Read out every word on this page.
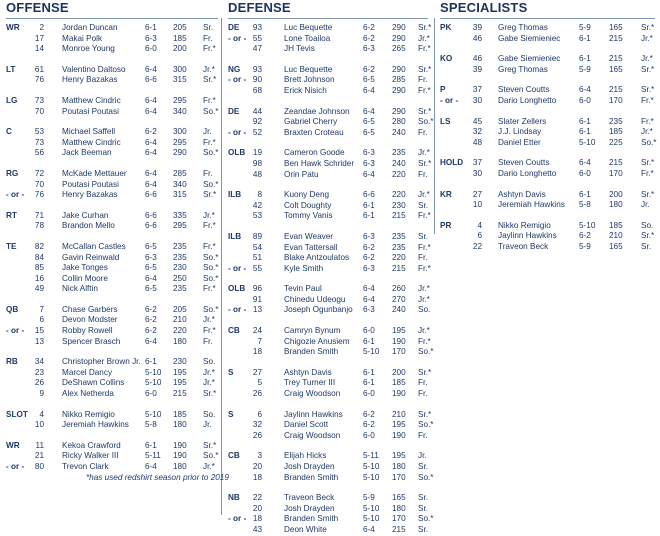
OFFENSE
WR	2 Jordan Duncan	6-1 205 Sr.
17 Makai Polk	6-3 185 Fr.
14 Monroe Young	6-0 200 Fr.*
LT	61 Valentino Daltoso 6-4 300 Jr.*
76 Henry Bazakas	6-6 315 Sr.*
LG	73 Matthew Cindric	6-4 295 Fr.*
70 Poutasi Poutasi	6-4 340 So.*
C	53 Michael Saffell	6-2 300 Jr.
73 Matthew Cindric	6-4 295 Fr.*
56 Jack Beeman	6-4 290 So.*
RG	72 McKade Mettauer 6-4 285 Fr.
70 Poutasi Poutasi	6-4 340 So.*
- or -	76 Henry Bazakas	6-6 315 Sr.*
RT	71 Jake Curhan	6-6 335 Jr.*
78 Brandon Mello	6-6 295 Fr.*
TE	82 McCallan Castles 6-5 235 Fr.*
84 Gavin Reinwald	6-3 235 So.*
85 Jake Tonges	6-5 230 So.*
16 Collin Moore	6-4 250 So.*
49 Nick Alftin	6-5 235 Fr.*
QB	7 Chase Garbers	6-2 205 So.*
6 Devon Modster	6-2 210 Jr.*
- or -	15 Robby Rowell	6-2 220 Fr.*
13 Spencer Brasch	6-4 180 Fr.
RB	34 Christopher Brown Jr. 6-1 230 So.
23 Marcel Dancy	5-10 195 Jr.*
26 DeShawn Collins	5-10 195 Jr.*
9 Alex Netherda	6-0 215 Sr.*
SLOT	4 Nikko Remigio	5-10 185 So.
10 Jeremiah Hawkins 5-8 180 Jr.
WR	11 Kekoa Crawford	6-1 190 Sr.*
21 Ricky Walker III	5-11 190 So.*
- or -	80 Trevon Clark	6-4 180 Jr.*
*has used redshirt season prior to 2019
DEFENSE
DE	93	Luc Bequette	6-2 290 Sr.*
- or - 55	Lone Toailoa	6-2 290 Jr.*
47	JH Tevis	6-3 265 Fr.*
NG	93	Luc Bequette	6-2 290 Sr.*
- or - 90	Brett Johnson	6-5 285 Fr.
68	Erick Nisich	6-4 290 Fr.*
DE	44	Zeandae Johnson 6-4 290 Sr.*
92	Gabriel Cherry	6-5 280 So.*
- or - 52	Braxten Croteau 6-5 240 Fr.
OLB 19	Cameron Goode 6-3 235 Jr.*
98	Ben Hawk Schrider 6-3 240 Sr.*
48	Orin Patu	6-4 220 Fr.
ILB	8	Kuony Deng	6-6 220 Jr.*
42	Colt Doughty	6-1 230 Sr.
53	Tommy Vanis	6-1 215 Fr.*
ILB	89	Evan Weaver	6-3 235 Sr.
54	Evan Tattersall	6-2 235 Fr.*
51	Blake Antzoulatos 6-2 220 Fr.
- or - 55	Kyle Smith	6-3 215 Fr.*
OLB 96	Tevin Paul	6-4 260 Jr.*
91	Chinedu Udeogu 6-4 270 Jr.*
- or - 13	Joseph Ogunbanjo 6-3 240 So.
CB	24	Camryn Bynum	6-0 195 Jr.*
7	Chigozie Anusiem 6-1 190 Fr.*
18	Branden Smith	5-10 170 So.*
S	27	Ashtyn Davis	6-1 200 Sr.*
5	Trey Turner III	6-1 185 Fr.
26	Craig Woodson	6-0 190 Fr.
S	6	Jaylinn Hawkins 6-2 210 Sr.*
32	Daniel Scott	6-2 195 So.*
26	Craig Woodson	6-0 190 Fr.
CB	3	Elijah Hicks	5-11 195 Jr.
20	Josh Drayden	5-10 180 Sr.
18	Branden Smith	5-10 170 So.*
NB	22	Traveon Beck	5-9 165 Sr.
20	Josh Drayden	5-10 180 Sr.
- or - 18	Branden Smith	5-10 170 So.*
43	Deon White	6-4 215 Sr.
SPECIALISTS
PK	39 Greg Thomas	5-9 165 Sr.*
46 Gabe Siemieniec 6-1 215 Jr.*
KO	46 Gabe Siemieniec 6-1 215 Jr.*
39 Greg Thomas	5-9 165 Sr.*
P	37 Steven Coutts	6-4 215 Sr.*
- or -	30 Dario Longhetto	6-0 170 Fr.*
LS	45 Slater Zellers	6-1 235 Fr.*
32 J.J. Lindsay	6-1 185 Jr.*
48 Daniel Etter	5-10 225 So.*
HOLD	37 Steven Coutts	6-4 215 Sr.*
30 Dario Longhetto	6-0 170 Fr.*
KR	27 Ashtyn Davis	6-1 200 Sr.*
10 Jeremiah Hawkins 5-8 180 Jr.
PR	4 Nikko Remigio	5-10 185 So.
6 Jaylinn Hawkins	6-2 210 Sr.*
22 Traveon Beck	5-9 165 Sr.
